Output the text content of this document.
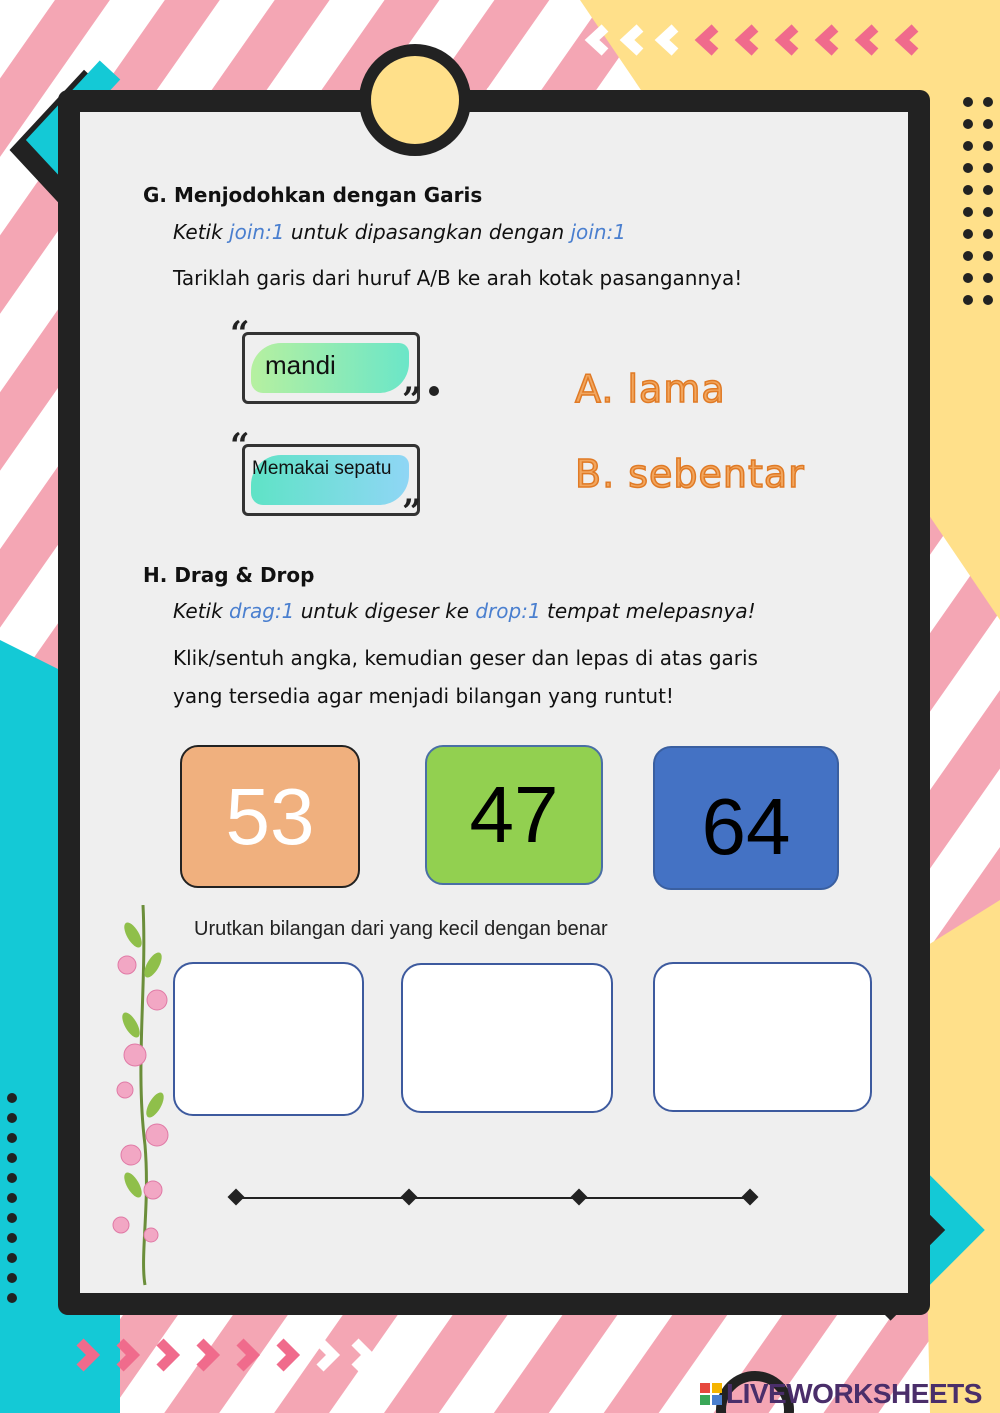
G. Menjodohkan dengan Garis
Ketik join:1 untuk dipasangkan dengan join:1
Tariklah garis dari huruf A/B ke arah kotak pasangannya!
“
mandi
”
“
Memakai sepatu
”
A. lama
B. sebentar
H. Drag & Drop
Ketik drag:1 untuk digeser ke drop:1 tempat melepasnya!
Klik/sentuh angka, kemudian geser dan lepas di atas garis
yang tersedia agar menjadi bilangan yang runtut!
53	47	64
Urutkan bilangan dari yang kecil dengan benar
LIVEWORKSHEETS
